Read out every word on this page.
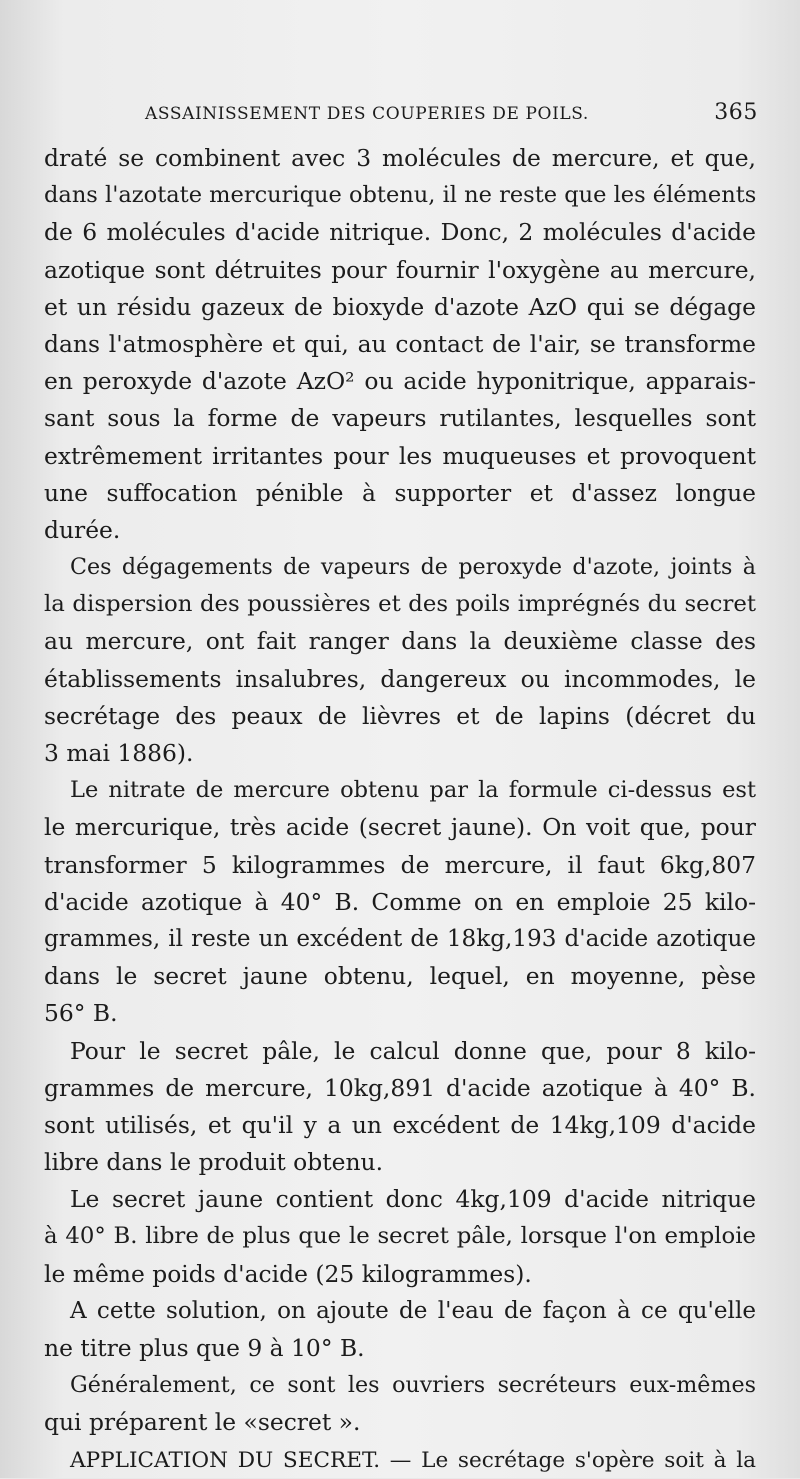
ASSAINISSEMENT DES COUPERIES DE POILS.	365

draté se combinent avec 3 molécules de mercure, et que,
dans l'azotate mercurique obtenu, il ne reste que les éléments
de 6 molécules d'acide nitrique. Donc, 2 molécules d'acide
azotique sont détruites pour fournir l'oxygène au mercure,
et un résidu gazeux de bioxyde d'azote AzO qui se dégage
dans l'atmosphère et qui, au contact de l'air, se transforme
en peroxyde d'azote AzO² ou acide hyponitrique, apparais-
sant sous la forme de vapeurs rutilantes, lesquelles sont
extrêmement irritantes pour les muqueuses et provoquent
une suffocation pénible à supporter et d'assez longue
durée.

Ces dégagements de vapeurs de peroxyde d'azote, joints à
la dispersion des poussières et des poils imprégnés du secret
au mercure, ont fait ranger dans la deuxième classe des
établissements insalubres, dangereux ou incommodes, le
secrétage des peaux de lièvres et de lapins (décret du
3 mai 1886).

Le nitrate de mercure obtenu par la formule ci-dessus est
le mercurique, très acide (secret jaune). On voit que, pour
transformer 5 kilogrammes de mercure, il faut 6kg,807
d'acide azotique à 40° B. Comme on en emploie 25 kilo-
grammes, il reste un excédent de 18kg,193 d'acide azotique
dans le secret jaune obtenu, lequel, en moyenne, pèse
56° B.

Pour le secret pâle, le calcul donne que, pour 8 kilo-
grammes de mercure, 10kg,891 d'acide azotique à 40° B.
sont utilisés, et qu'il y a un excédent de 14kg,109 d'acide
libre dans le produit obtenu.

Le secret jaune contient donc 4kg,109 d'acide nitrique
à 40° B. libre de plus que le secret pâle, lorsque l'on emploie
le même poids d'acide (25 kilogrammes).

A cette solution, on ajoute de l'eau de façon à ce qu'elle
ne titre plus que 9 à 10° B.

Généralement, ce sont les ouvriers secréteurs eux-mêmes
qui préparent le «secret ».

APPLICATION DU SECRET. — Le secrétage s'opère soit à la
